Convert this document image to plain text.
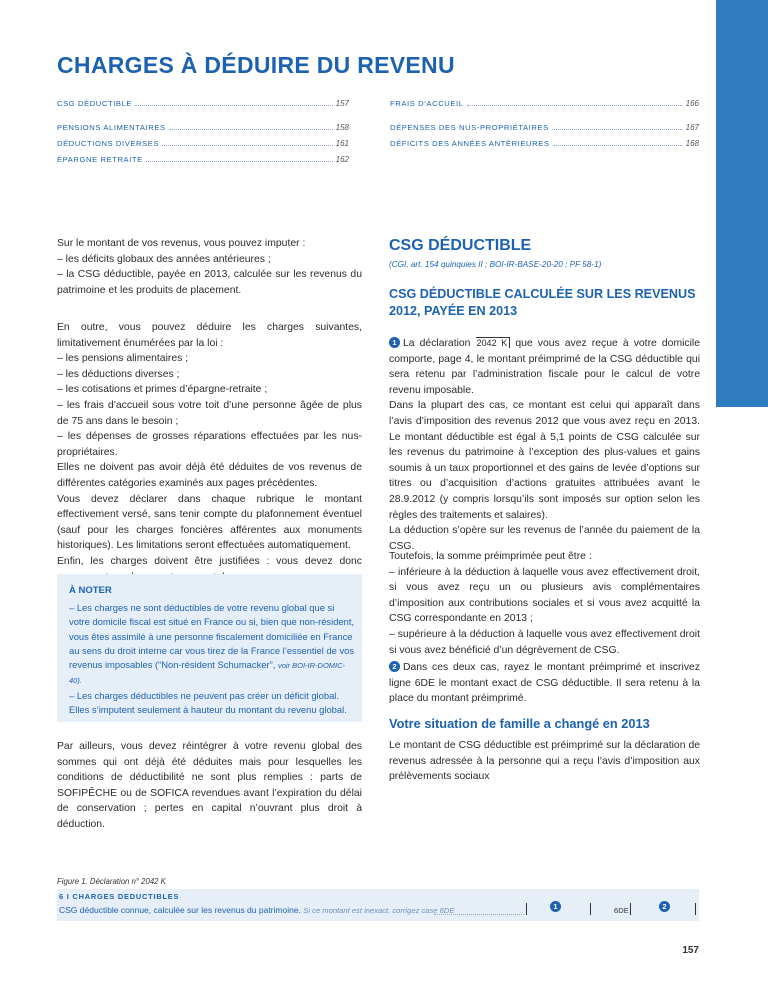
CHARGES À DÉDUIRE DU REVENU
CSG DÉDUCTIBLE	157
PENSIONS ALIMENTAIRES	158
DÉDUCTIONS DIVERSES	161
ÉPARGNE RETRAITE	162
FRAIS D’ACCUEIL	166
DÉPENSES DES NUS-PROPRIÉTAIRES	167
DÉFICITS DES ANNÉES ANTÉRIEURES	168

Sur le montant de vos revenus, vous pouvez imputer :

– les déficits globaux des années antérieures ;
– la CSG déductible, payée en 2013, calculée sur les revenus du patrimoine et les produits de placement.

En outre, vous pouvez déduire les charges suivantes, limitativement énumérées par la loi :

– les pensions alimentaires ;
– les déductions diverses ;
– les cotisations et primes d’épargne-retraite ;
– les frais d’accueil sous votre toit d’une personne âgée de plus de 75 ans dans le besoin ;
– les dépenses de grosses réparations effectuées par les nus-propriétaires.

Elles ne doivent pas avoir déjà été déduites de vos revenus de différentes catégories examinés aux pages précédentes.

Vous devez déclarer dans chaque rubrique le montant effectivement versé, sans tenir compte du plafonnement éventuel (sauf pour les charges foncières afférentes aux monuments historiques). Les limitations seront effectuées automatiquement.

Enfin, les charges doivent être justifiées : vous devez donc

À NOTER
– Les charges ne sont déductibles de votre revenu global que si votre domicile fiscal est situé en France ou si, bien que non-résident, vous êtes assimilé à une personne fiscalement domiciliée en France au sens du droit interne car vous tirez de la France l’essentiel de vos revenus imposables (“Non-résident Schumacker”, voir BOI-IR-DOMIC-40).
– Les charges déductibles ne peuvent pas créer un déficit global. Elles s’imputent seulement à hauteur du montant du revenu global.

Par ailleurs, vous devez réintégrer à votre revenu global des sommes qui ont déjà été déduites mais pour lesquelles les conditions de déductibilité ne sont plus remplies : parts de SOFIPÊCHE ou de SOFICA revendues avant l’expiration du délai de conservation ; pertes en capital n’ouvrant plus droit à déduction.

CSG DÉDUCTIBLE
(CGI, art. 154 quinquies II ; BOI-IR-BASE-20-20 ; PF 58-1)
CSG DÉDUCTIBLE CALCULÉE SUR LES REVENUS 2012, PAYÉE EN 2013

1 La déclaration 2042 K que vous avez reçue à votre domicile comporte, page 4, le montant préimprimé de la CSG déductible qui sera retenu par l’administration fiscale pour le calcul de votre revenu imposable.

Dans la plupart des cas, ce montant est celui qui apparaît dans l’avis d’imposition des revenus 2012 que vous avez reçu en 2013. Le montant déductible est égal à 5,1 points de CSG calculée sur les revenus du patrimoine à l’exception des plus-values et gains soumis à un taux proportionnel et des gains de levée d’options sur titres ou d’acquisition d’actions gratuites attribuées avant le 28.9.2012 (y compris lorsqu’ils sont imposés sur option selon les règles des traitements et salaires).

La déduction s’opère sur les revenus de l’année du paiement de la CSG.

Toutefois, la somme préimprimée peut être :

– inférieure à la déduction à laquelle vous avez effectivement droit, si vous avez reçu un ou plusieurs avis complémentaires d’imposition aux contributions sociales et si vous avez acquitté la CSG correspondante en 2013 ;
– supérieure à la déduction à laquelle vous avez effectivement droit si vous avez bénéficié d’un dégrèvement de CSG.

2 Dans ces deux cas, rayez le montant préimprimé et inscrivez ligne 6DE le montant exact de CSG déductible. Il sera retenu à la place du montant préimprimé.

Votre situation de famille a changé en 2013

Le montant de CSG déductible est préimprimé sur la déclaration de revenus adressée à la personne qui a reçu l’avis d’imposition aux prélèvements sociaux

Figure 1. Déclaration n° 2042 K
6 I CHARGES DEDUCTIBLES
CSG déductible connue, calculée sur les revenus du patrimoine. Si ce montant est inexact, corrigez case 6DE	1	6DE	2
157
